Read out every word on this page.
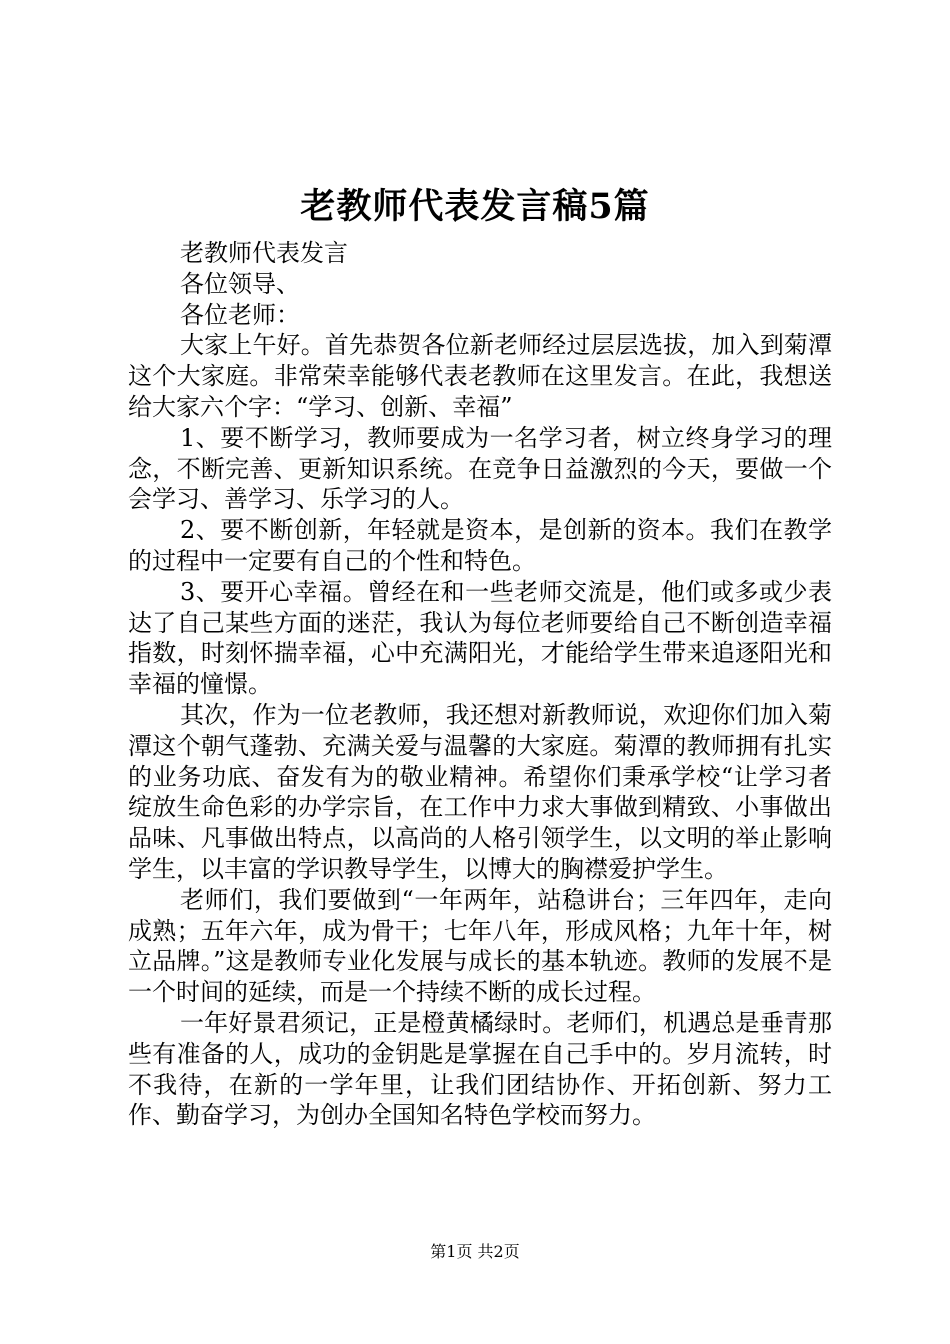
老教师代表发言稿5篇

老教师代表发言

各位领导、

各位老师：

大家上午好。首先恭贺各位新老师经过层层选拔，加入到菊潭这个大家庭。非常荣幸能够代表老教师在这里发言。在此，我想送给大家六个字：“学习、创新、幸福”

1、要不断学习，教师要成为一名学习者，树立终身学习的理念，不断完善、更新知识系统。在竞争日益激烈的今天，要做一个会学习、善学习、乐学习的人。

2、要不断创新，年轻就是资本，是创新的资本。我们在教学的过程中一定要有自己的个性和特色。

3、要开心幸福。曾经在和一些老师交流是，他们或多或少表达了自己某些方面的迷茫，我认为每位老师要给自己不断创造幸福指数，时刻怀揣幸福，心中充满阳光，才能给学生带来追逐阳光和幸福的憧憬。

其次，作为一位老教师，我还想对新教师说，欢迎你们加入菊潭这个朝气蓬勃、充满关爱与温馨的大家庭。菊潭的教师拥有扎实的业务功底、奋发有为的敬业精神。希望你们秉承学校“让学习者绽放生命色彩的办学宗旨，在工作中力求大事做到精致、小事做出品味、凡事做出特点，以高尚的人格引领学生，以文明的举止影响学生，以丰富的学识教导学生，以博大的胸襟爱护学生。

老师们，我们要做到“一年两年，站稳讲台；三年四年，走向成熟；五年六年，成为骨干；七年八年，形成风格；九年十年，树立品牌。”这是教师专业化发展与成长的基本轨迹。教师的发展不是一个时间的延续，而是一个持续不断的成长过程。

一年好景君须记，正是橙黄橘绿时。老师们，机遇总是垂青那些有准备的人，成功的金钥匙是掌握在自己手中的。岁月流转，时不我待，在新的一学年里，让我们团结协作、开拓创新、努力工作、勤奋学习，为创办全国知名特色学校而努力。

第1页 共2页
